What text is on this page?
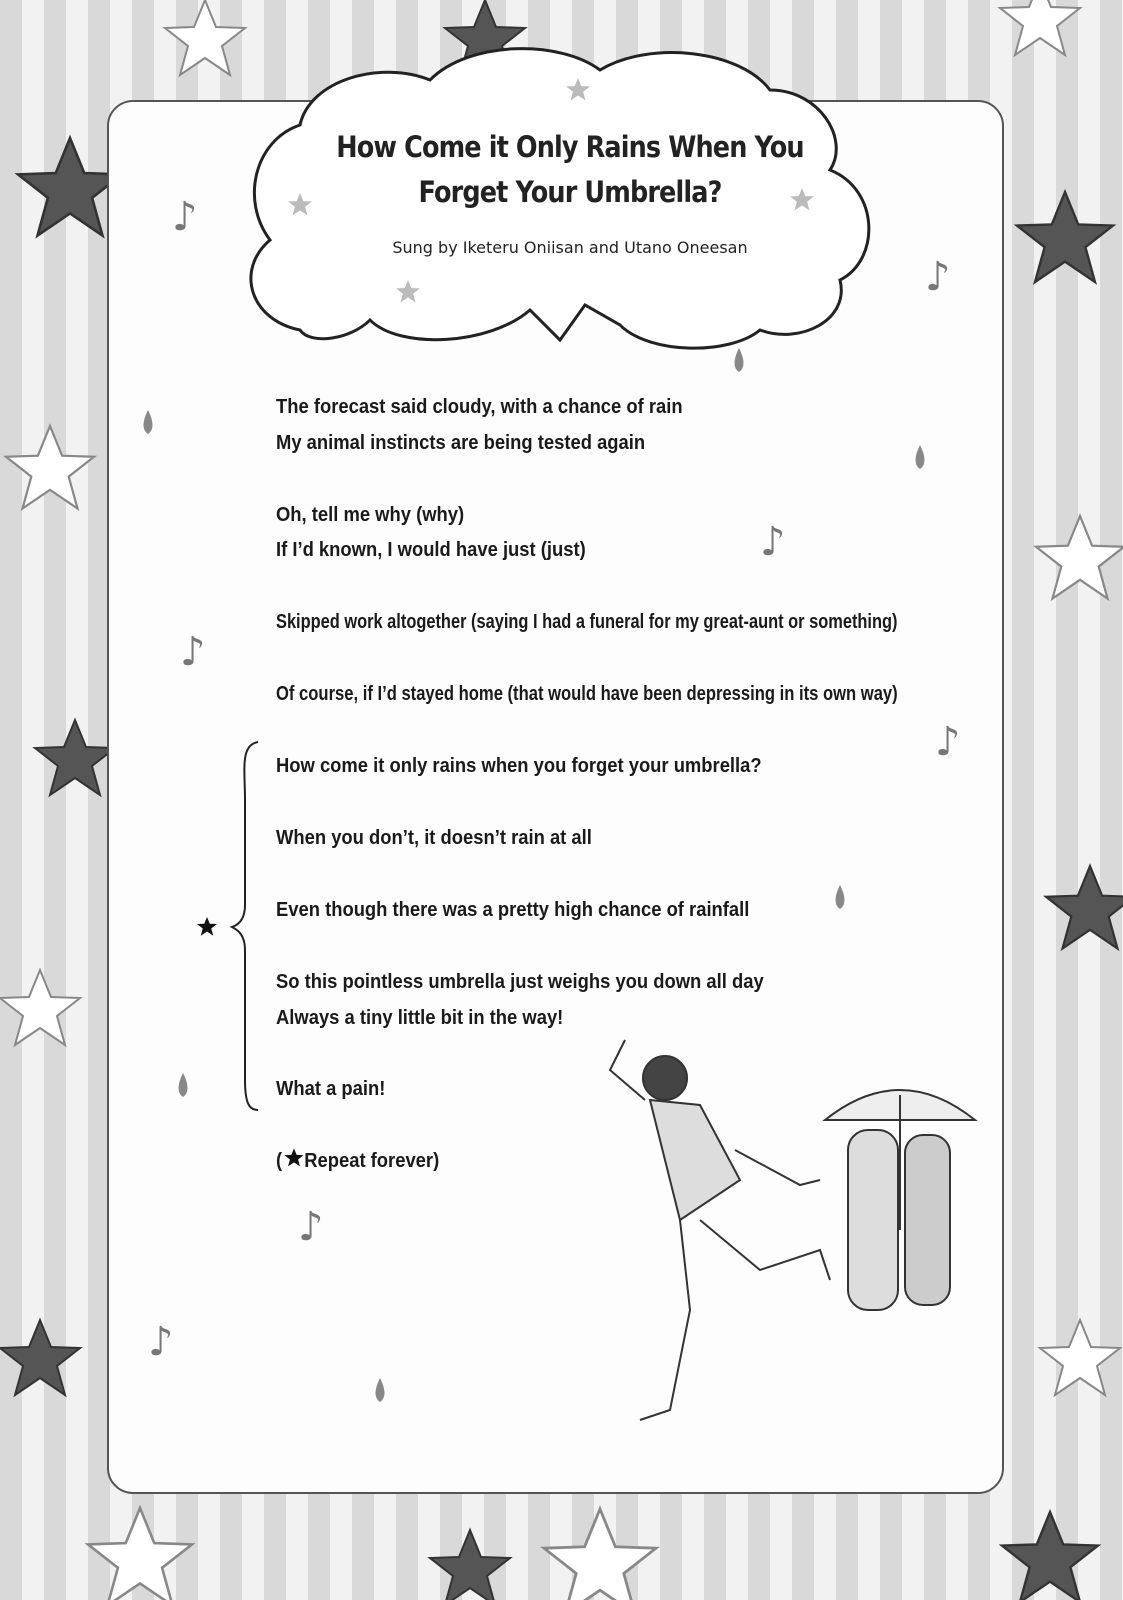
♪
♪
♪
♪
♪
♪
♪
How Come it Only Rains When You
Forget Your Umbrella?
Sung by Iketeru Oniisan and Utano Oneesan
The forecast said cloudy, with a chance of rain
My animal instincts are being tested again
Oh, tell me why (why)
If I’d known, I would have just (just)
Skipped work altogether (saying I had a funeral for my great-aunt or something)
Of course, if I’d stayed home (that would have been depressing in its own way)
How come it only rains when you forget your umbrella?
When you don’t, it doesn’t rain at all
Even though there was a pretty high chance of rainfall
So this pointless umbrella just weighs you down all day
Always a tiny little bit in the way!
What a pain!
( Repeat forever)
